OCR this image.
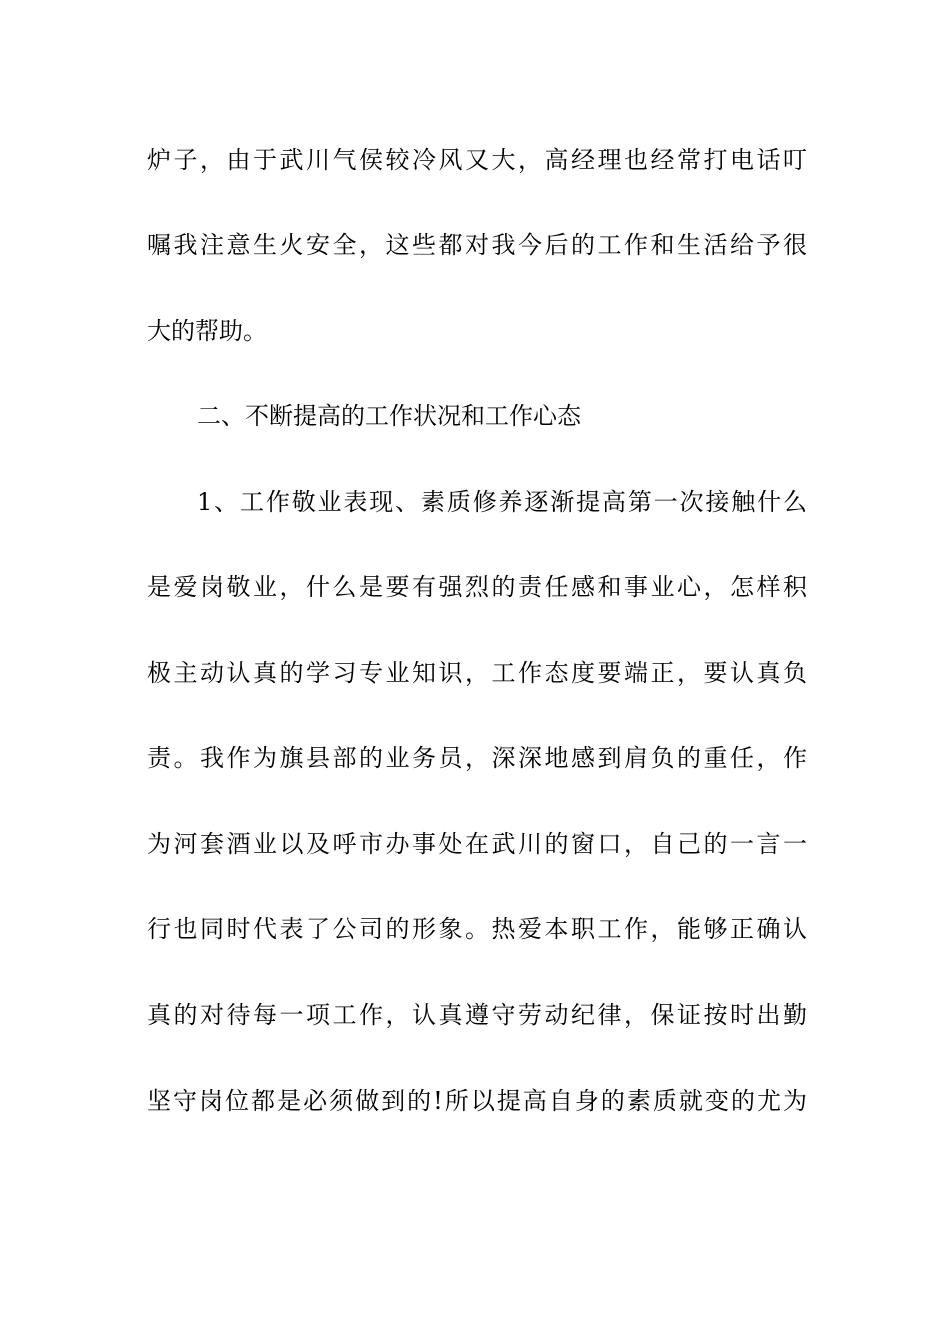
炉子，由于武川气侯较冷风又大，高经理也经常打电话叮
嘱我注意生火安全，这些都对我今后的工作和生活给予很
大的帮助。
二、不断提高的工作状况和工作心态
1、工作敬业表现、素质修养逐渐提高第一次接触什么
是爱岗敬业，什么是要有强烈的责任感和事业心，怎样积
极主动认真的学习专业知识，工作态度要端正，要认真负
责。我作为旗县部的业务员，深深地感到肩负的重任，作
为河套酒业以及呼市办事处在武川的窗口，自己的一言一
行也同时代表了公司的形象。热爱本职工作，能够正确认
真的对待每一项工作，认真遵守劳动纪律，保证按时出勤
坚守岗位都是必须做到的!所以提高自身的素质就变的尤为
